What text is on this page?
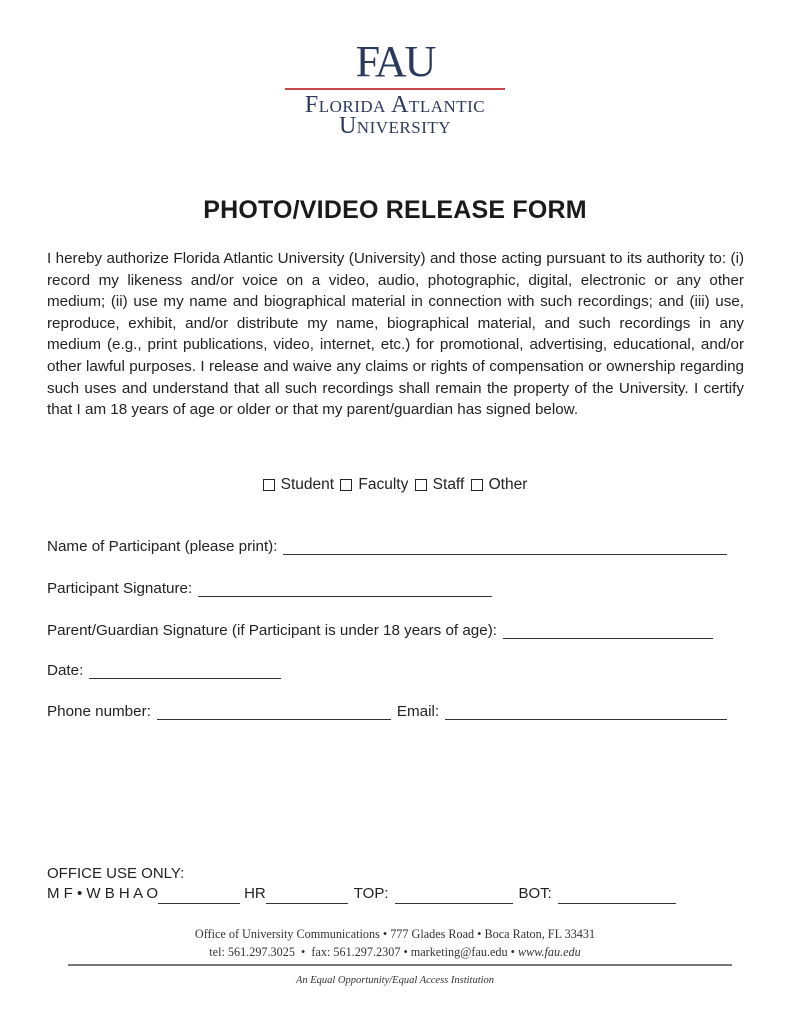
FAU
Florida Atlantic
University
PHOTO/VIDEO RELEASE FORM

I hereby authorize Florida Atlantic University (University) and those acting pursuant to its authority to: (i) record my likeness and/or voice on a video, audio, photographic, digital, electronic or any other medium; (ii) use my name and biographical material in connection with such recordings; and (iii) use, reproduce, exhibit, and/or distribute my name, biographical material, and such recordings in any medium (e.g., print publications, video, internet, etc.) for promotional, advertising, educational, and/or other lawful purposes. I release and waive any claims or rights of compensation or ownership regarding such uses and understand that all such recordings shall remain the property of the University. I certify that I am 18 years of age or older or that my parent/guardian has signed below.

Student
Faculty
Staff
Other
Name of Participant (please print):
Participant Signature:
Parent/Guardian Signature (if Participant is under 18 years of age):
Date:
Phone number:	Email:
OFFICE USE ONLY:
M F • W B H A O	HR	TOP:	BOT:
Office of University Communications • 777 Glades Road • Boca Raton, FL 33431
tel: 561.297.3025  •  fax: 561.297.2307 • marketing@fau.edu • www.fau.edu
An Equal Opportunity/Equal Access Institution
